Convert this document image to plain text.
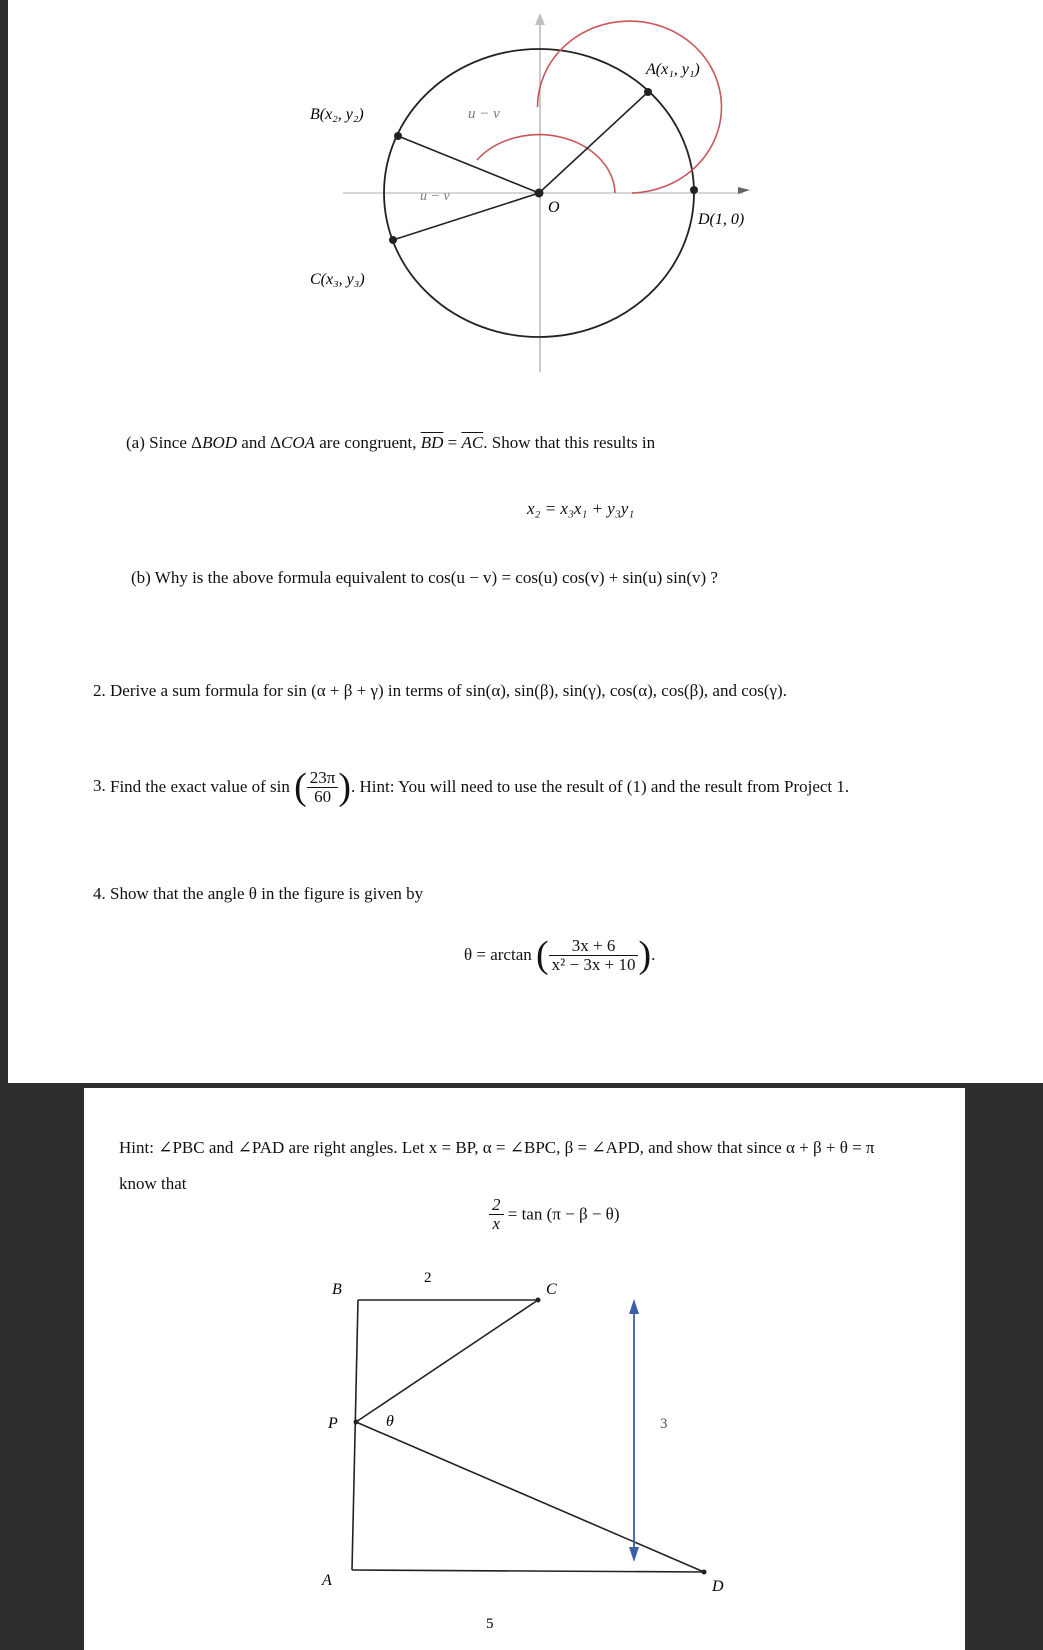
A(x₁, y₁)
B(x₂, y₂)
C(x₃, y₃)
D(1, 0)
O
u − v
u − v
(a) Since ΔBOD and ΔCOA are congruent, $\overline{BD} = \overline{AC}$. Show that this results in
x₂ = x₃x₁ + y₃y₁
(b) Why is the above formula equivalent to cos(u − v) = cos(u) cos(v) + sin(u) sin(v) ?
2. Derive a sum formula for sin (α + β + γ) in terms of sin(α), sin(β), sin(γ), cos(α), cos(β), and cos(γ).
3. Find the exact value of sin ( $\frac{23\pi}{60}$ ). Hint: You will need to use the result of (1) and the result from Project 1.
4. Show that the angle θ in the figure is given by
θ = arctan ( $\frac{3x + 6}{\text{x² − 3x + 10}}$ ).
Hint: ∠PBC and ∠PAD are right angles. Let x = BP, α = ∠BPC, β = ∠APD, and show that since α + β + θ = π
know that
$\frac{2}{x} = \tan (\pi - \beta - \theta)$
B	C
P
A	D
θ
2
3
5
